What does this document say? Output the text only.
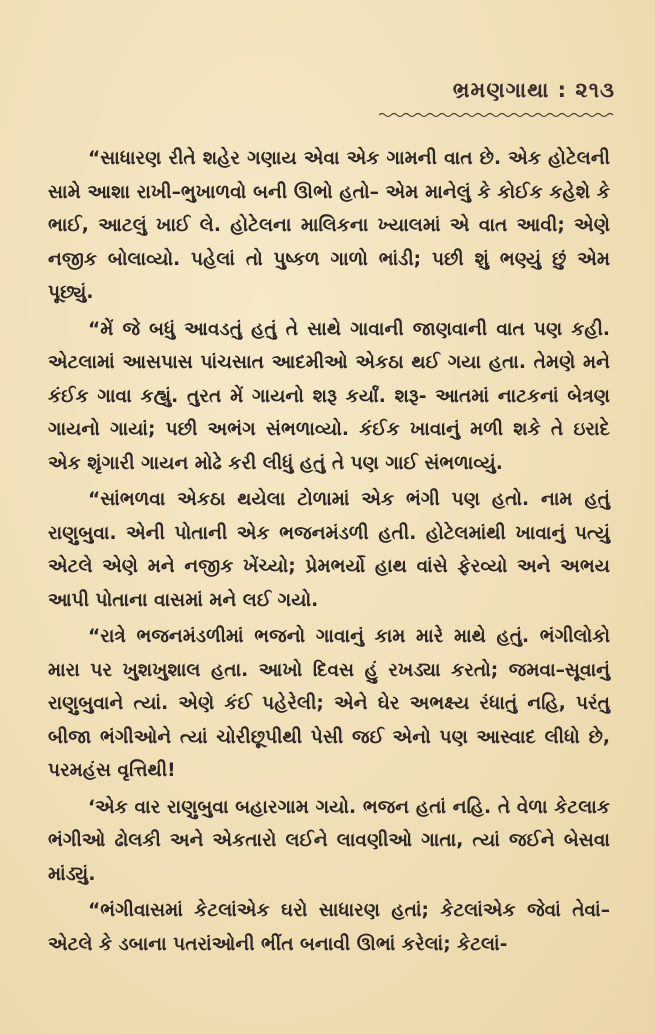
ભ્રમણગાથા : ૨૧૩

“સાધારણ રીતે શહેર ગણાય એવા એક ગામની વાત છે. એક હોટેલની સામે આશા રાખી–ભુખાળવો બની ઊભો હતો– એમ માનેલું કે કોઈક કહેશે કે ભાઈ, આટલું ખાઈ લે. હોટેલના માલિકના ખ્યાલમાં એ વાત આવી; એણે નજીક બોલાવ્યો. પહેલાં તો પુષ્કળ ગાળો ભાંડી; પછી શું ભણ્યું છું એમ પૂછ્યું.

“મેં જે બધું આવડતું હતું તે સાથે ગાવાની જાણવાની વાત પણ કહી. એટલામાં આસપાસ પાંચસાત આદમીઓ એકઠા થઈ ગયા હતા. તેમણે મને કંઈક ગાવા કહ્યું. તુરત મેં ગાયનો શરૂ કર્યાં. શરૂ- આતમાં નાટકનાં બેત્રણ ગાયનો ગાયાં; પછી અભંગ સંભળાવ્યો. કંઈક ખાવાનું મળી શકે તે ઇરાદે એક શૃંગારી ગાયન મોઢે કરી લીધું હતું તે પણ ગાઈ સંભળાવ્યું.

“સાંભળવા એકઠા થયેલા ટોળામાં એક ભંગી પણ હતો. નામ હતું રાણુબુવા. એની પોતાની એક ભજનમંડળી હતી. હોટેલમાંથી ખાવાનું પત્યું એટલે એણે મને નજીક ખેંચ્યો; પ્રેમભર્યો હાથ વાંસે ફેરવ્યો અને અભય આપી પોતાના વાસમાં મને લઈ ગયો.

“રાત્રે ભજનમંડળીમાં ભજનો ગાવાનું કામ મારે માથે હતું. ભંગીલોકો મારા પર ખુશખુશાલ હતા. આખો દિવસ હું રખડ્યા કરતો; જમવા–સૂવાનું રાણુબુવાને ત્યાં. એણે કંઈ પહેરેલી; એને ઘેર અભક્ષ્ય રંધાતું નહિ, પરંતુ બીજા ભંગીઓને ત્યાં ચોરીછૂપીથી પેસી જઈ એનો પણ આસ્વાદ લીધો છે, પરમહંસ વૃત્તિથી!

‘એક વાર રાણુબુવા બહારગામ ગયો. ભજન હતાં નહિ. તે વેળા કેટલાક ભંગીઓ ઢોલકી અને એકતારો લઈને લાવણીઓ ગાતા, ત્યાં જઈને બેસવા માંડ્યું.

“ભંગીવાસમાં કેટલાંએક ઘરો સાધારણ હતાં; કેટલાંએક જેવાં તેવાં–એટલે કે ડબાના પતરાંઓની ભીંત બનાવી ઊભાં કરેલાં; કેટલાં-
